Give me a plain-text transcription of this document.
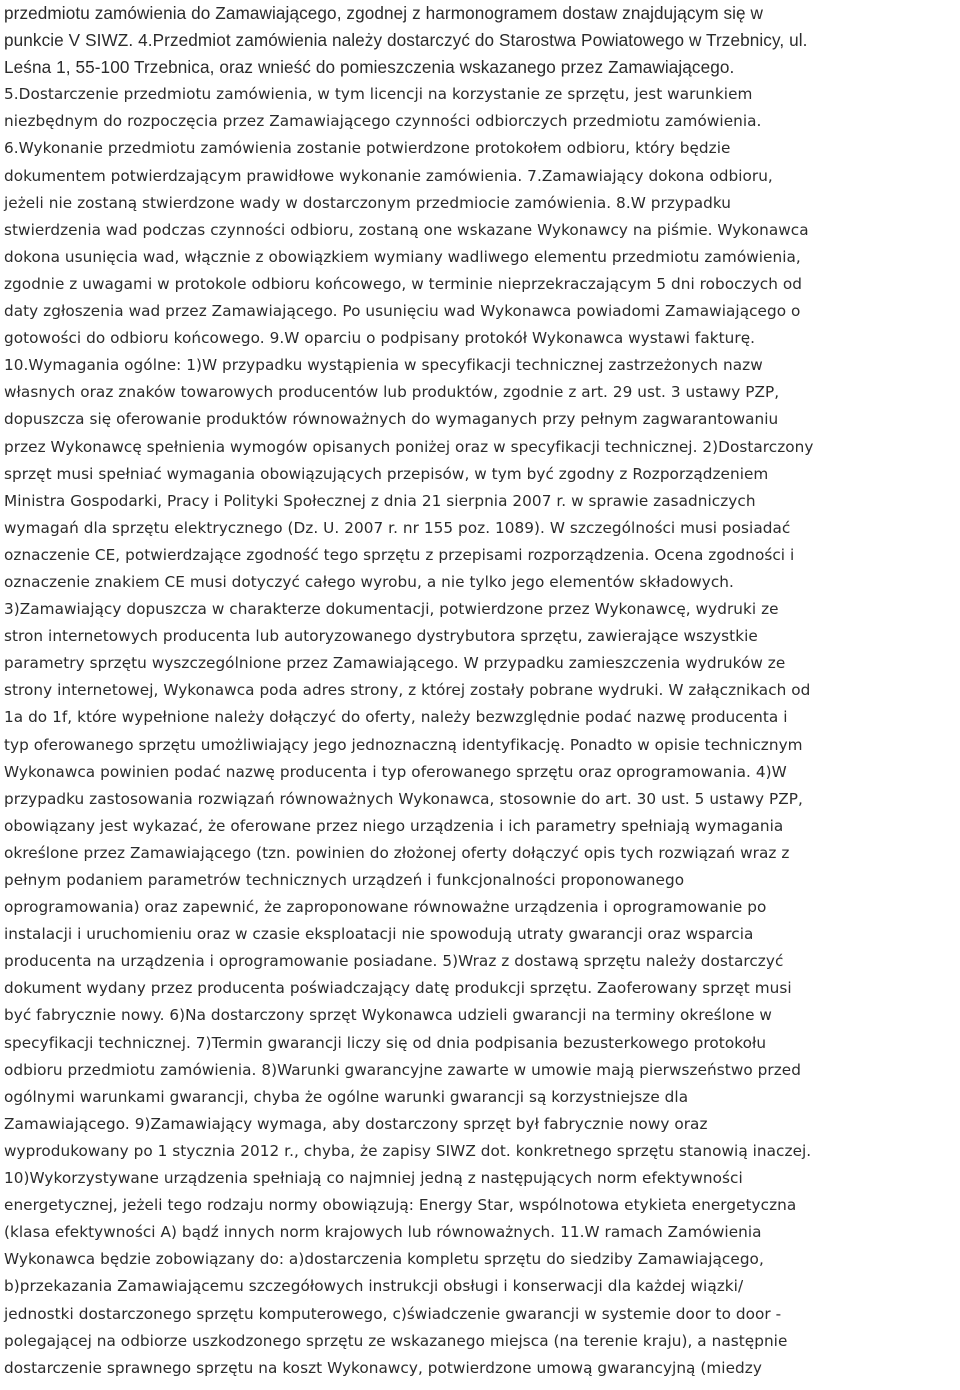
przedmiotu zamówienia do Zamawiającego, zgodnej z harmonogramem dostaw znajdującym się w
punkcie V SIWZ. 4.Przedmiot zamówienia należy dostarczyć do Starostwa Powiatowego w Trzebnicy, ul.
Leśna 1, 55-100 Trzebnica, oraz wnieść do pomieszczenia wskazanego przez Zamawiającego.
5.Dostarczenie przedmiotu zamówienia, w tym licencji na korzystanie ze sprzętu, jest warunkiem
niezbędnym do rozpoczęcia przez Zamawiającego czynności odbiorczych przedmiotu zamówienia.
6.Wykonanie przedmiotu zamówienia zostanie potwierdzone protokołem odbioru, który będzie
dokumentem potwierdzającym prawidłowe wykonanie zamówienia. 7.Zamawiający dokona odbioru,
jeżeli nie zostaną stwierdzone wady w dostarczonym przedmiocie zamówienia. 8.W przypadku
stwierdzenia wad podczas czynności odbioru, zostaną one wskazane Wykonawcy na piśmie. Wykonawca
dokona usunięcia wad, włącznie z obowiązkiem wymiany wadliwego elementu przedmiotu zamówienia,
zgodnie z uwagami w protokole odbioru końcowego, w terminie nieprzekraczającym 5 dni roboczych od
daty zgłoszenia wad przez Zamawiającego. Po usunięciu wad Wykonawca powiadomi Zamawiającego o
gotowości do odbioru końcowego. 9.W oparciu o podpisany protokół Wykonawca wystawi fakturę.
10.Wymagania ogólne: 1)W przypadku wystąpienia w specyfikacji technicznej zastrzeżonych nazw
własnych oraz znaków towarowych producentów lub produktów, zgodnie z art. 29 ust. 3 ustawy PZP,
dopuszcza się oferowanie produktów równoważnych do wymaganych przy pełnym zagwarantowaniu
przez Wykonawcę spełnienia wymogów opisanych poniżej oraz w specyfikacji technicznej. 2)Dostarczony
sprzęt musi spełniać wymagania obowiązujących przepisów, w tym być zgodny z Rozporządzeniem
Ministra Gospodarki, Pracy i Polityki Społecznej z dnia 21 sierpnia 2007 r. w sprawie zasadniczych
wymagań dla sprzętu elektrycznego (Dz. U. 2007 r. nr 155 poz. 1089). W szczególności musi posiadać
oznaczenie CE, potwierdzające zgodność tego sprzętu z przepisami rozporządzenia. Ocena zgodności i
oznaczenie znakiem CE musi dotyczyć całego wyrobu, a nie tylko jego elementów składowych.
3)Zamawiający dopuszcza w charakterze dokumentacji, potwierdzone przez Wykonawcę, wydruki ze
stron internetowych producenta lub autoryzowanego dystrybutora sprzętu, zawierające wszystkie
parametry sprzętu wyszczególnione przez Zamawiającego. W przypadku zamieszczenia wydruków ze
strony internetowej, Wykonawca poda adres strony, z której zostały pobrane wydruki. W załącznikach od
1a do 1f, które wypełnione należy dołączyć do oferty, należy bezwzględnie podać nazwę producenta i
typ oferowanego sprzętu umożliwiający jego jednoznaczną identyfikację. Ponadto w opisie technicznym
Wykonawca powinien podać nazwę producenta i typ oferowanego sprzętu oraz oprogramowania. 4)W
przypadku zastosowania rozwiązań równoważnych Wykonawca, stosownie do art. 30 ust. 5 ustawy PZP,
obowiązany jest wykazać, że oferowane przez niego urządzenia i ich parametry spełniają wymagania
określone przez Zamawiającego (tzn. powinien do złożonej oferty dołączyć opis tych rozwiązań wraz z
pełnym podaniem parametrów technicznych urządzeń i funkcjonalności proponowanego
oprogramowania) oraz zapewnić, że zaproponowane równoważne urządzenia i oprogramowanie po
instalacji i uruchomieniu oraz w czasie eksploatacji nie spowodują utraty gwarancji oraz wsparcia
producenta na urządzenia i oprogramowanie posiadane. 5)Wraz z dostawą sprzętu należy dostarczyć
dokument wydany przez producenta poświadczający datę produkcji sprzętu. Zaoferowany sprzęt musi
być fabrycznie nowy. 6)Na dostarczony sprzęt Wykonawca udzieli gwarancji na terminy określone w
specyfikacji technicznej. 7)Termin gwarancji liczy się od dnia podpisania bezusterkowego protokołu
odbioru przedmiotu zamówienia. 8)Warunki gwarancyjne zawarte w umowie mają pierwszeństwo przed
ogólnymi warunkami gwarancji, chyba że ogólne warunki gwarancji są korzystniejsze dla
Zamawiającego. 9)Zamawiający wymaga, aby dostarczony sprzęt był fabrycznie nowy oraz
wyprodukowany po 1 stycznia 2012 r., chyba, że zapisy SIWZ dot. konkretnego sprzętu stanowią inaczej.
10)Wykorzystywane urządzenia spełniają co najmniej jedną z następujących norm efektywności
energetycznej, jeżeli tego rodzaju normy obowiązują: Energy Star, wspólnotowa etykieta energetyczna
(klasa efektywności A) bądź innych norm krajowych lub równoważnych. 11.W ramach Zamówienia
Wykonawca będzie zobowiązany do: a)dostarczenia kompletu sprzętu do siedziby Zamawiającego,
b)przekazania Zamawiającemu szczegółowych instrukcji obsługi i konserwacji dla każdej wiązki/
jednostki dostarczonego sprzętu komputerowego, c)świadczenie gwarancji w systemie door to door -
polegającej na odbiorze uszkodzonego sprzętu ze wskazanego miejsca (na terenie kraju), a następnie
dostarczenie sprawnego sprzętu na koszt Wykonawcy, potwierdzone umową gwarancyjną (miedzy
